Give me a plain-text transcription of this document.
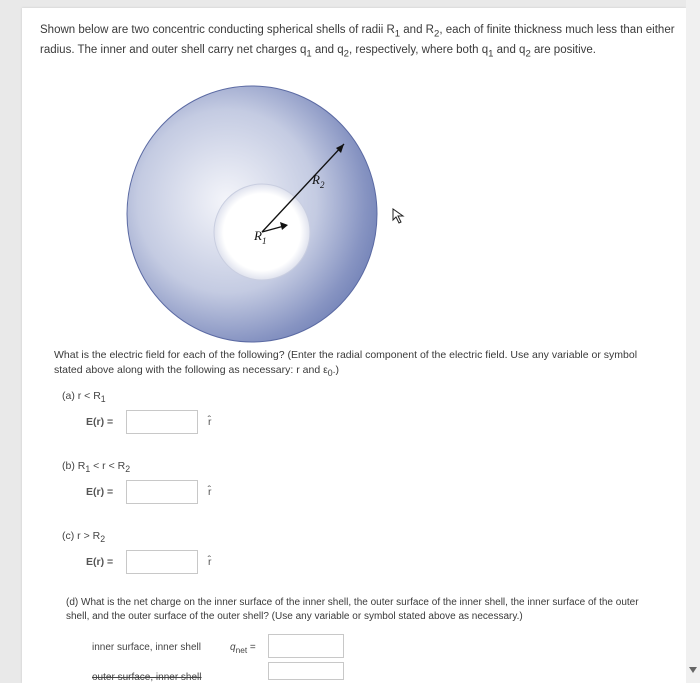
Shown below are two concentric conducting spherical shells of radii $R_1$ and $R_2$, each of finite thickness much less than either radius. The inner and outer shell carry net charges $q_1$ and $q_2$, respectively, where both $q_1$ and $q_2$ are positive.
$R_2$
$R_1$
What is the electric field for each of the following? (Enter the radial component of the electric field. Use any variable or symbol stated above along with the following as necessary: r and $\varepsilon_0$.)
(a) $r < R_1$
E(r) =	r̂
(b) $R_1 < r < R_2$
E(r) =	r̂
(c) $r > R_2$
E(r) =	r̂
(d) What is the net charge on the inner surface of the inner shell, the outer surface of the inner shell, the inner surface of the outer shell, and the outer surface of the outer shell? (Use any variable or symbol stated above as necessary.)
inner surface, inner shell	$q_{net}$ =
outer surface, inner shell
